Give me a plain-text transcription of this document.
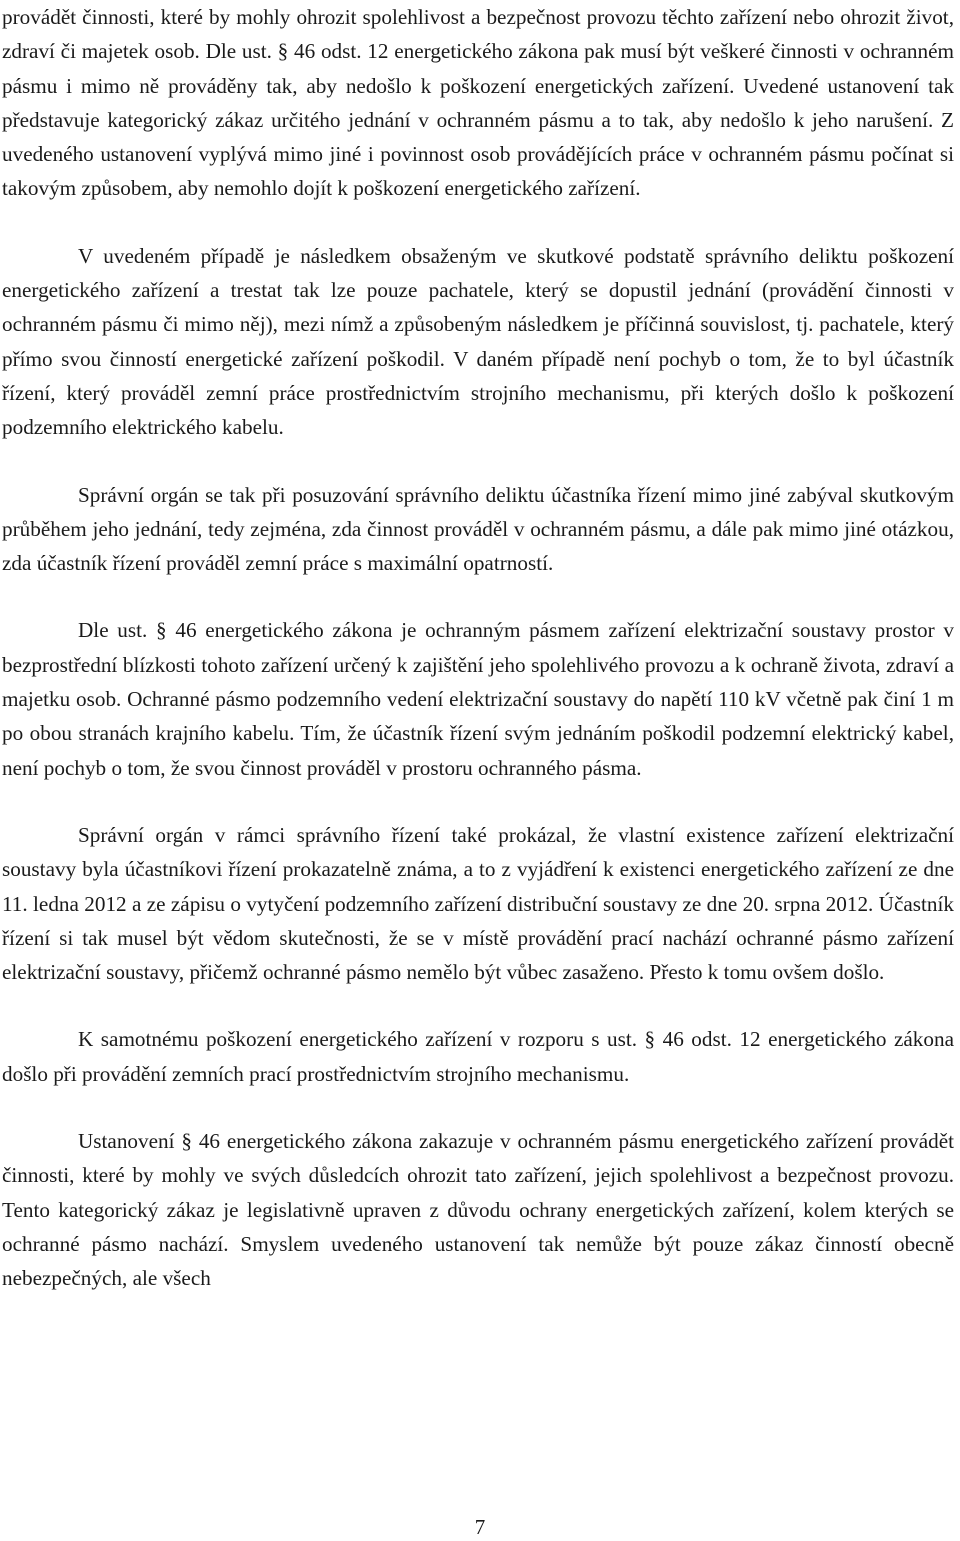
provádět činnosti, které by mohly ohrozit spolehlivost a bezpečnost provozu těchto zařízení nebo ohrozit život, zdraví či majetek osob. Dle ust. § 46 odst. 12 energetického zákona pak musí být veškeré činnosti v ochranném pásmu i mimo ně prováděny tak, aby nedošlo k poškození energetických zařízení. Uvedené ustanovení tak představuje kategorický zákaz určitého jednání v ochranném pásmu a to tak, aby nedošlo k jeho narušení. Z uvedeného ustanovení vyplývá mimo jiné i povinnost osob provádějících práce v ochranném pásmu počínat si takovým způsobem, aby nemohlo dojít k poškození energetického zařízení.

V uvedeném případě je následkem obsaženým ve skutkové podstatě správního deliktu poškození energetického zařízení a trestat tak lze pouze pachatele, který se dopustil jednání (provádění činnosti v ochranném pásmu či mimo něj), mezi nímž a způsobeným následkem je příčinná souvislost, tj. pachatele, který přímo svou činností energetické zařízení poškodil. V daném případě není pochyb o tom, že to byl účastník řízení, který prováděl zemní práce prostřednictvím strojního mechanismu, při kterých došlo k poškození podzemního elektrického kabelu.

Správní orgán se tak při posuzování správního deliktu účastníka řízení mimo jiné zabýval skutkovým průběhem jeho jednání, tedy zejména, zda činnost prováděl v ochranném pásmu, a dále pak mimo jiné otázkou, zda účastník řízení prováděl zemní práce s maximální opatrností.

Dle ust. § 46 energetického zákona je ochranným pásmem zařízení elektrizační soustavy prostor v bezprostřední blízkosti tohoto zařízení určený k zajištění jeho spolehlivého provozu a k ochraně života, zdraví a majetku osob. Ochranné pásmo podzemního vedení elektrizační soustavy do napětí 110 kV včetně pak činí 1 m po obou stranách krajního kabelu. Tím, že účastník řízení svým jednáním poškodil podzemní elektrický kabel, není pochyb o tom, že svou činnost prováděl v prostoru ochranného pásma.

Správní orgán v rámci správního řízení také prokázal, že vlastní existence zařízení elektrizační soustavy byla účastníkovi řízení prokazatelně známa, a to z vyjádření k existenci energetického zařízení ze dne 11. ledna 2012 a ze zápisu o vytyčení podzemního zařízení distribuční soustavy ze dne 20. srpna 2012. Účastník řízení si tak musel být vědom skutečnosti, že se v místě provádění prací nachází ochranné pásmo zařízení elektrizační soustavy, přičemž ochranné pásmo nemělo být vůbec zasaženo. Přesto k tomu ovšem došlo.

K samotnému poškození energetického zařízení v rozporu s ust. § 46 odst. 12 energetického zákona došlo při provádění zemních prací prostřednictvím strojního mechanismu.

Ustanovení § 46 energetického zákona zakazuje v ochranném pásmu energetického zařízení provádět činnosti, které by mohly ve svých důsledcích ohrozit tato zařízení, jejich spolehlivost a bezpečnost provozu. Tento kategorický zákaz je legislativně upraven z důvodu ochrany energetických zařízení, kolem kterých se ochranné pásmo nachází. Smyslem uvedeného ustanovení tak nemůže být pouze zákaz činností obecně nebezpečných, ale všech

7
